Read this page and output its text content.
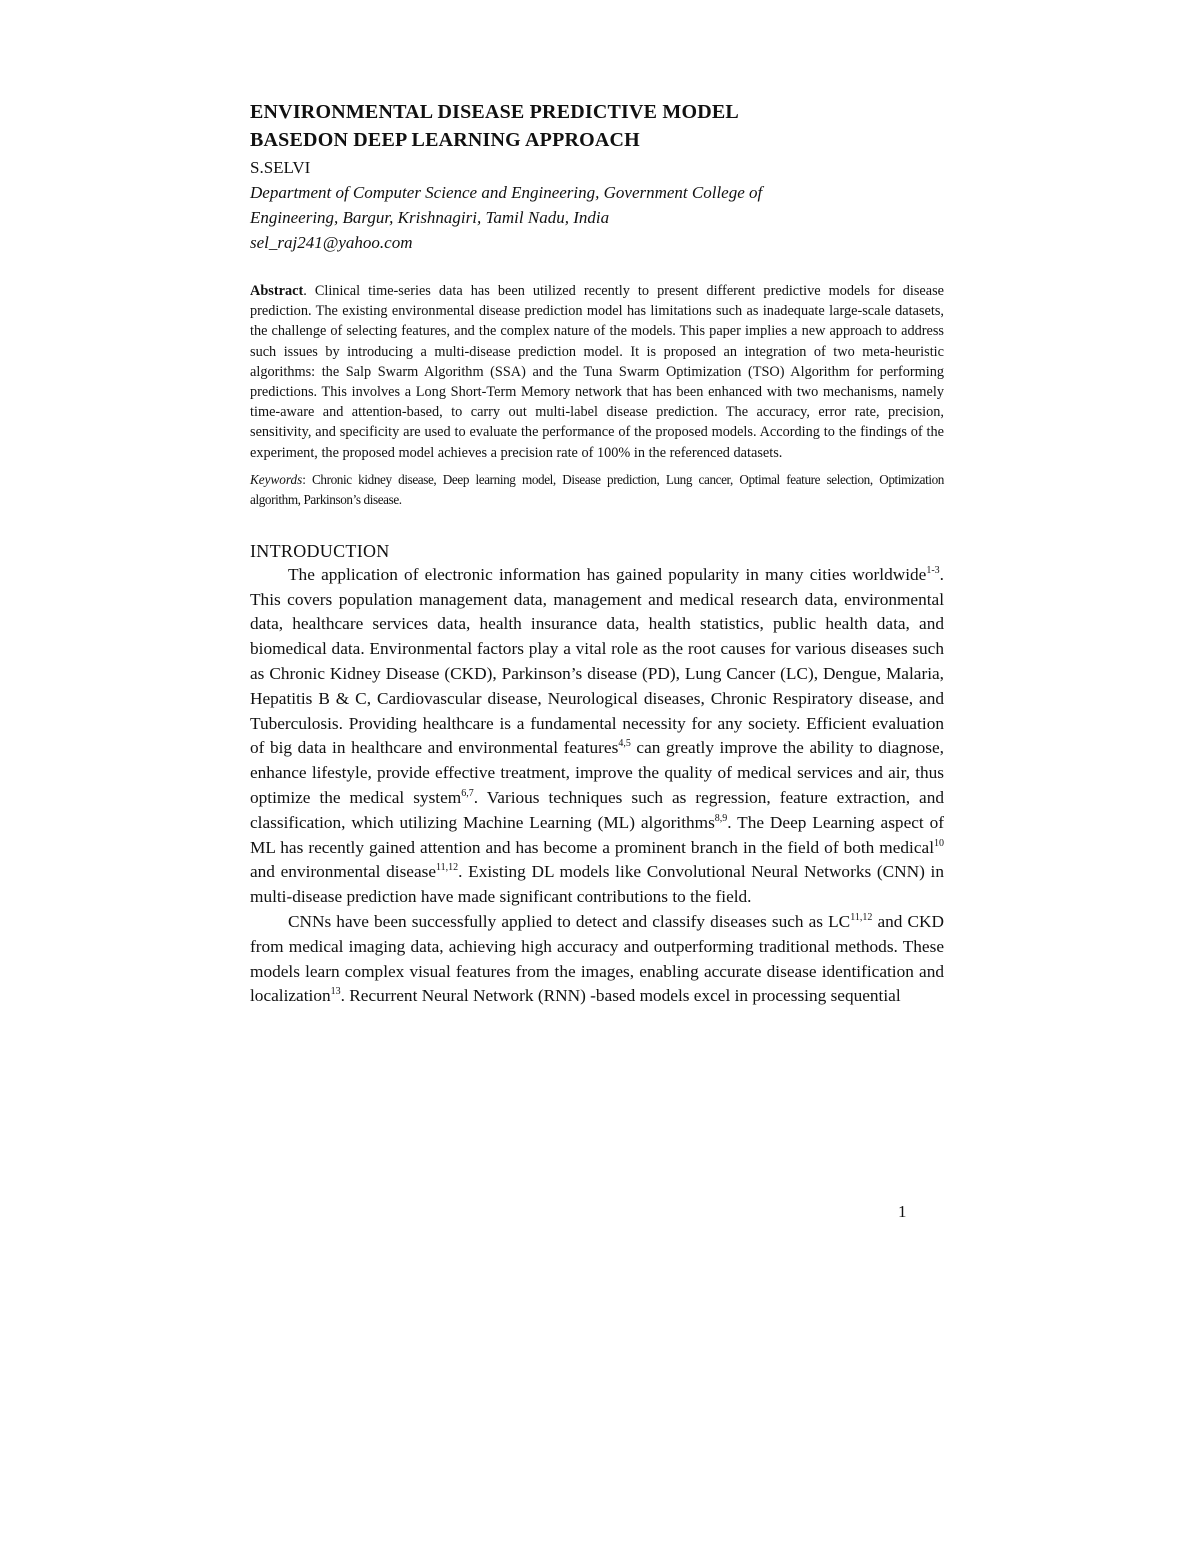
ENVIRONMENTAL DISEASE PREDICTIVE MODEL
BASEDON DEEP LEARNING APPROACH
S.SELVI
Department of Computer Science and Engineering, Government College of
Engineering, Bargur, Krishnagiri, Tamil Nadu, India
sel_raj241@yahoo.com
Abstract. Clinical time-series data has been utilized recently to present different predictive models for disease prediction. The existing environmental disease prediction model has limitations such as inadequate large-scale datasets, the challenge of selecting features, and the complex nature of the models. This paper implies a new approach to address such issues by introducing a multi-disease prediction model. It is proposed an integration of two meta-heuristic algorithms: the Salp Swarm Algorithm (SSA) and the Tuna Swarm Optimization (TSO) Algorithm for performing predictions. This involves a Long Short-Term Memory network that has been enhanced with two mechanisms, namely time-aware and attention-based, to carry out multi-label disease prediction. The accuracy, error rate, precision, sensitivity, and specificity are used to evaluate the performance of the proposed models. According to the findings of the experiment, the proposed model achieves a precision rate of 100% in the referenced datasets.
Keywords: Chronic kidney disease, Deep learning model, Disease prediction, Lung cancer, Optimal feature selection, Optimization algorithm, Parkinson’s disease.
INTRODUCTION

The application of electronic information has gained popularity in many cities worldwide$^{1-3}$. This covers population management data, management and medical research data, environmental data, healthcare services data, health insurance data, health statistics, public health data, and biomedical data. Environmental factors play a vital role as the root causes for various diseases such as Chronic Kidney Disease (CKD), Parkinson’s disease (PD), Lung Cancer (LC), Dengue, Malaria, Hepatitis B & C, Cardiovascular disease, Neurological diseases, Chronic Respiratory disease, and Tuberculosis. Providing healthcare is a fundamental necessity for any society. Efficient evaluation of big data in healthcare and environmental features$^{4,5}$ can greatly improve the ability to diagnose, enhance lifestyle, provide effective treatment, improve the quality of medical services and air, thus optimize the medical system$^{6,7}$. Various techniques such as regression, feature extraction, and classification, which utilizing Machine Learning (ML) algorithms$^{8,9}$. The Deep Learning aspect of ML has recently gained attention and has become a prominent branch in the field of both medical$^{10}$ and environmental disease$^{11,12}$. Existing DL models like Convolutional Neural Networks (CNN) in multi-disease prediction have made significant contributions to the field.

CNNs have been successfully applied to detect and classify diseases such as LC$^{11,12}$ and CKD from medical imaging data, achieving high accuracy and outperforming traditional methods. These models learn complex visual features from the images, enabling accurate disease identification and localization$^{13}$. Recurrent Neural Network (RNN) -based models excel in processing sequential

1
